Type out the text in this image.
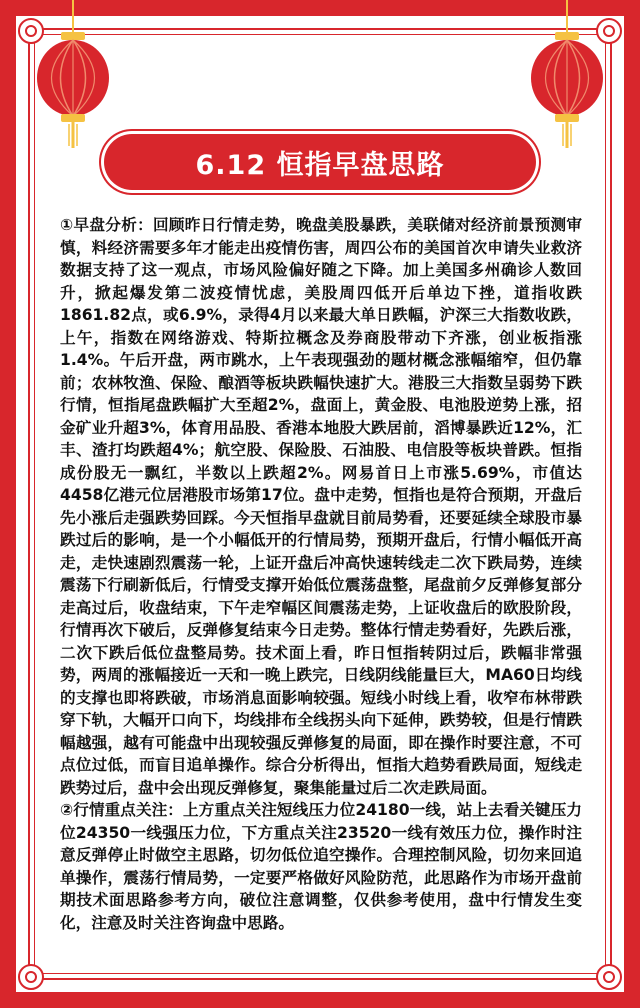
6.12 恒指早盘思路

①早盘分析：回顾昨日行情走势，晚盘美股暴跌，美联储对经济前景预测审慎，料经济需要多年才能走出疫情伤害，周四公布的美国首次申请失业救济数据支持了这一观点，市场风险偏好随之下降。加上美国多州确诊人数回升，掀起爆发第二波疫情忧虑，美股周四低开后单边下挫，道指收跌1861.82点，或6.9%，录得4月以来最大单日跌幅，沪深三大指数收跌，上午，指数在网络游戏、特斯拉概念及券商股带动下齐涨，创业板指涨1.4%。午后开盘，两市跳水，上午表现强劲的题材概念涨幅缩窄，但仍靠前；农林牧渔、保险、酿酒等板块跌幅快速扩大。港股三大指数呈弱势下跌行情，恒指尾盘跌幅扩大至超2%，盘面上，黄金股、电池股逆势上涨，招金矿业升超3%，体育用品股、香港本地股大跌居前，滔博暴跌近12%，汇丰、渣打均跌超4%；航空股、保险股、石油股、电信股等板块普跌。恒指成份股无一飘红，半数以上跌超2%。网易首日上市涨5.69%，市值达4458亿港元位居港股市场第17位。盘中走势，恒指也是符合预期，开盘后先小涨后走强跌势回踩。今天恒指早盘就目前局势看，还要延续全球股市暴跌过后的影响，是一个小幅低开的行情局势，预期开盘后，行情小幅低开高走，走快速剧烈震荡一轮，上证开盘后冲高快速转线走二次下跌局势，连续震荡下行刷新低后，行情受支撑开始低位震荡盘整，尾盘前夕反弹修复部分走高过后，收盘结束，下午走窄幅区间震荡走势，上证收盘后的欧股阶段，行情再次下破后，反弹修复结束今日走势。整体行情走势看好，先跌后涨，二次下跌后低位盘整局势。技术面上看，昨日恒指转阴过后，跌幅非常强势，两周的涨幅接近一天和一晚上跌完，日线阴线能量巨大，MA60日均线的支撑也即将跌破，市场消息面影响较强。短线小时线上看，收窄布林带跌穿下轨，大幅开口向下，均线排布全线拐头向下延伸，跌势较，但是行情跌幅越强，越有可能盘中出现较强反弹修复的局面，即在操作时要注意，不可点位过低，而盲目追单操作。综合分析得出，恒指大趋势看跌局面，短线走跌势过后，盘中会出现反弹修复，聚集能量过后二次走跌局面。

②行情重点关注：上方重点关注短线压力位24180一线，站上去看关键压力位24350一线强压力位，下方重点关注23520一线有效压力位，操作时注意反弹停止时做空主思路，切勿低位追空操作。合理控制风险，切勿来回追单操作，震荡行情局势，一定要严格做好风险防范，此思路作为市场开盘前期技术面思路参考方向，破位注意调整，仅供参考使用，盘中行情发生变化，注意及时关注咨询盘中思路。
